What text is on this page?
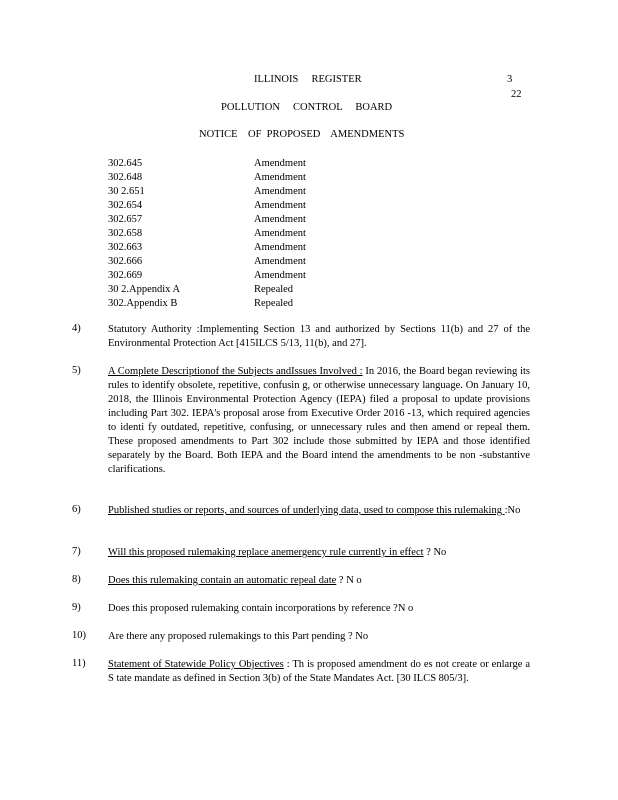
ILLINOIS     REGISTER	3
22
POLLUTION     CONTROL     BOARD
NOTICE    OF  PROPOSED    AMENDMENTS
302.645	Amendment
302.648	Amendment
30 2.651	Amendment
302.654	Amendment
302.657	Amendment
302.658	Amendment
302.663	Amendment
302.666	Amendment
302.669	Amendment
30 2.Appendix A	Repealed
302.Appendix B	Repealed
4)	Statutory Authority :Implementing Section 13 and authorized by Sections 11(b) and 27 of the Environmental Protection Act [415ILCS 5/13, 11(b), and 27].
5)	A Complete Descriptionof the Subjects andIssues Involved : In 2016, the Board began reviewing its rules to identify obsolete, repetitive, confusin g, or otherwise unnecessary language. On January 10, 2018, the Illinois Environmental Protection Agency (IEPA) filed a proposal to update provisions including Part 302. IEPA's proposal arose from Executive Order 2016 -13, which required agencies to identi fy outdated, repetitive, confusing, or unnecessary rules and then amend or repeal them. These proposed amendments to Part 302 include those submitted by IEPA and those identified separately by the Board. Both IEPA and the Board intend the amendments to be non -substantive clarifications.
6)	Published studies or reports, and sources of underlying data, used to compose this rulemaking :No
7)	Will this proposed rulemaking replace anemergency rule currently in effect ? No
8)	Does this rulemaking contain an automatic repeal date ? N o
9)	Does this proposed rulemaking contain incorporations by reference ?N o
10) Are there any proposed rulemakings to this Part pending ? No
11) Statement of Statewide Policy Objectives : Th is proposed amendment do es not create or enlarge a S tate mandate as defined in Section 3(b) of the State Mandates Act. [30 ILCS 805/3].
